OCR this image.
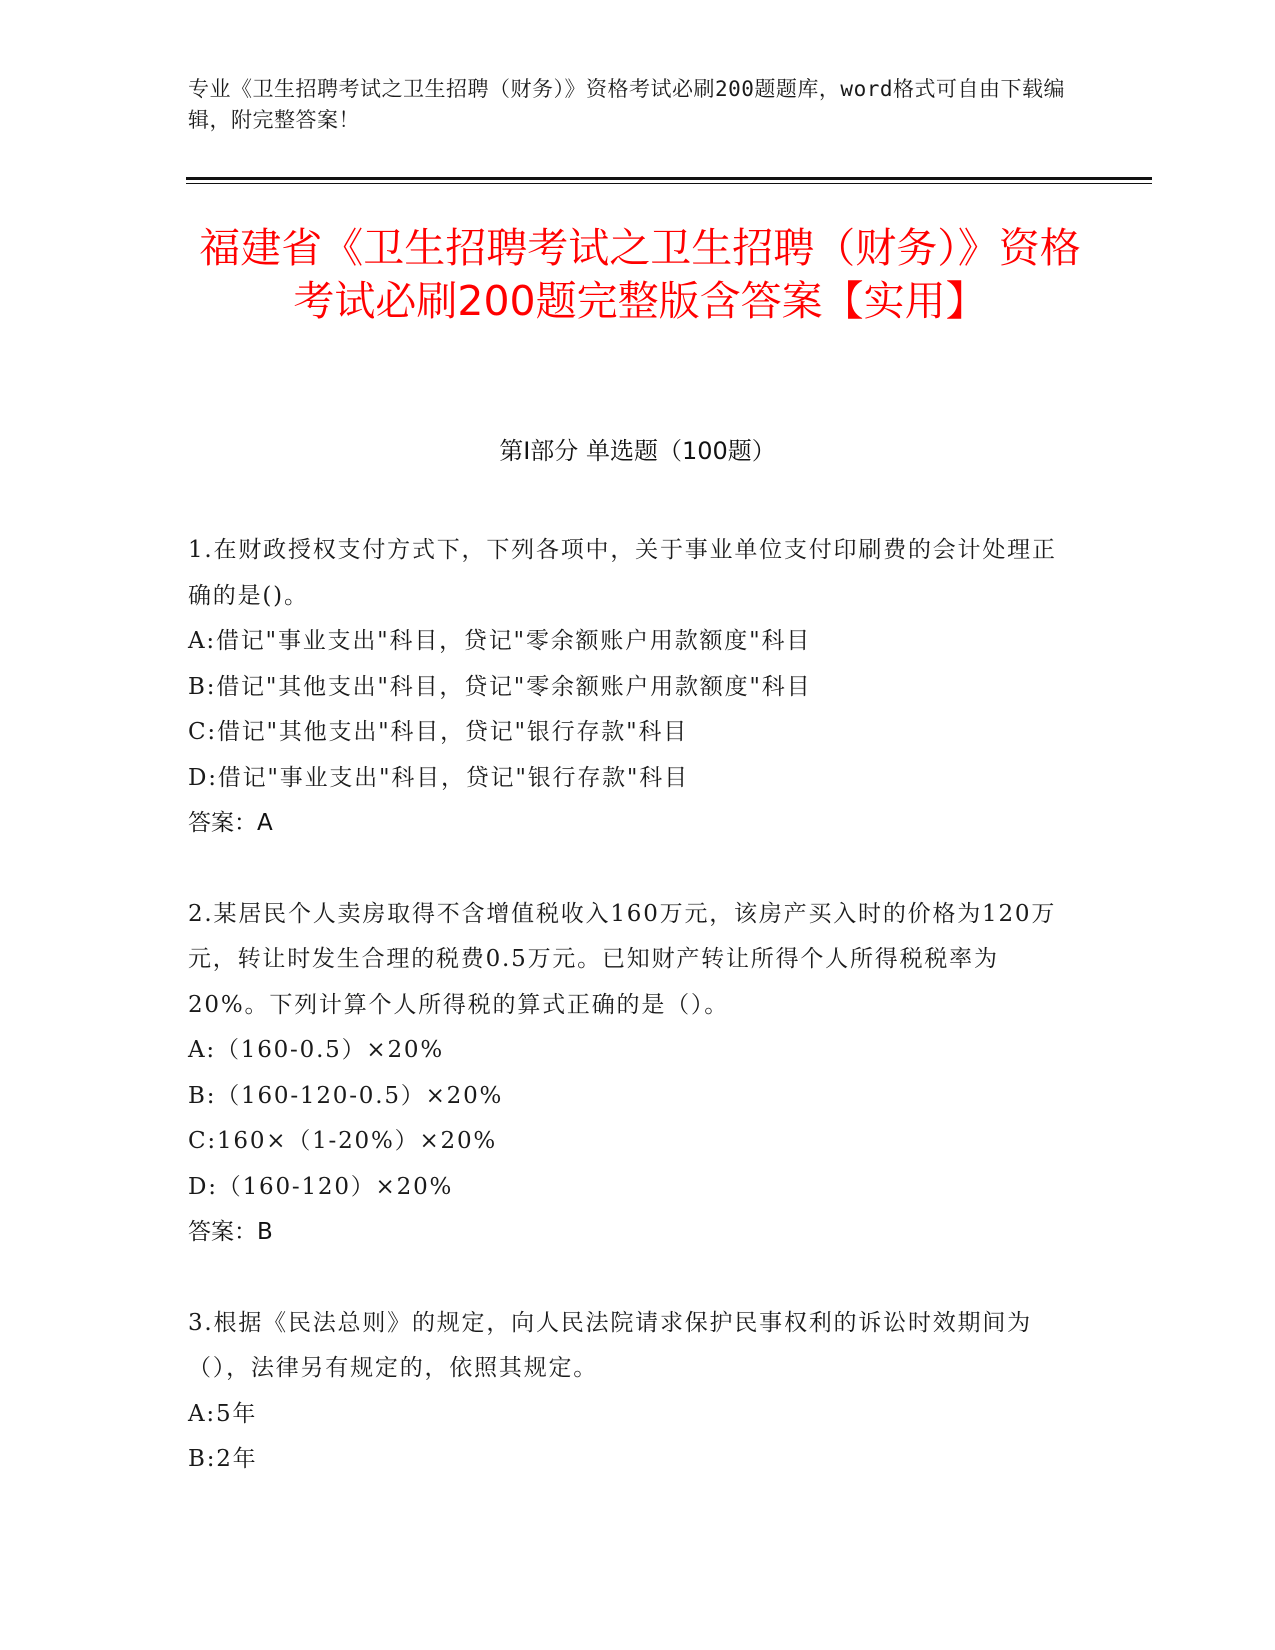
专业《卫生招聘考试之卫生招聘（财务）》资格考试必刷200题题库，word格式可自由下载编辑，附完整答案！
福建省《卫生招聘考试之卫生招聘（财务）》资格考试必刷200题完整版含答案【实用】
第I部分 单选题（100题）
1.在财政授权支付方式下，下列各项中，关于事业单位支付印刷费的会计处理正确的是()。
A:借记"事业支出"科目，贷记"零余额账户用款额度"科目
B:借记"其他支出"科目，贷记"零余额账户用款额度"科目
C:借记"其他支出"科目，贷记"银行存款"科目
D:借记"事业支出"科目，贷记"银行存款"科目
答案：A
2.某居民个人卖房取得不含增值税收入160万元，该房产买入时的价格为120万元，转让时发生合理的税费0.5万元。已知财产转让所得个人所得税税率为20%。下列计算个人所得税的算式正确的是（）。
A:（160-0.5）×20%
B:（160-120-0.5）×20%
C:160×（1-20%）×20%
D:（160-120）×20%
答案：B
3.根据《民法总则》的规定，向人民法院请求保护民事权利的诉讼时效期间为（），法律另有规定的，依照其规定。
A:5年
B:2年
